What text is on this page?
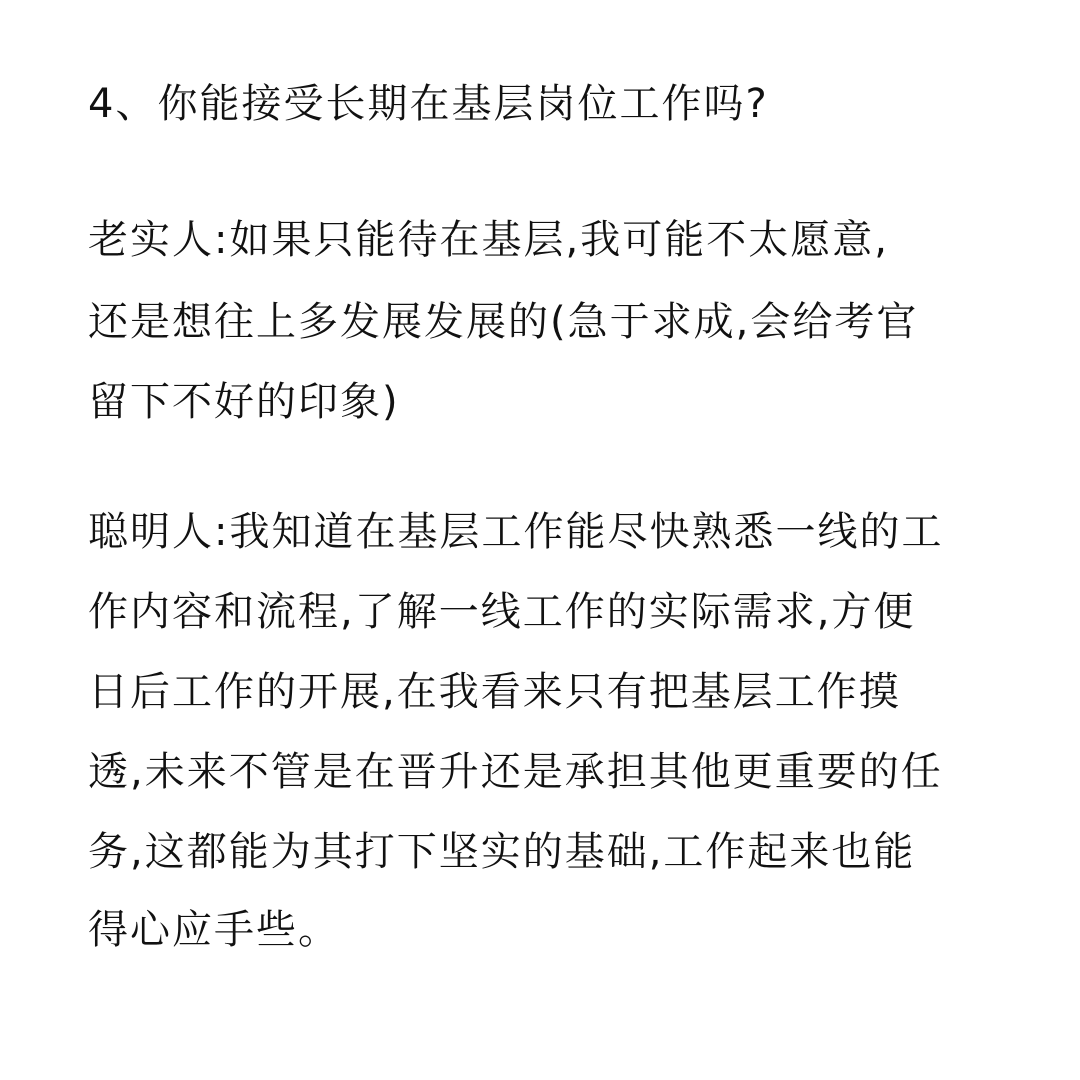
4、你能接受长期在基层岗位工作吗?
老实人:如果只能待在基层,我可能不太愿意,
还是想往上多发展发展的(急于求成,会给考官
留下不好的印象)
聪明人:我知道在基层工作能尽快熟悉一线的工
作内容和流程,了解一线工作的实际需求,方便
日后工作的开展,在我看来只有把基层工作摸
透,未来不管是在晋升还是承担其他更重要的任
务,这都能为其打下坚实的基础,工作起来也能
得心应手些。
